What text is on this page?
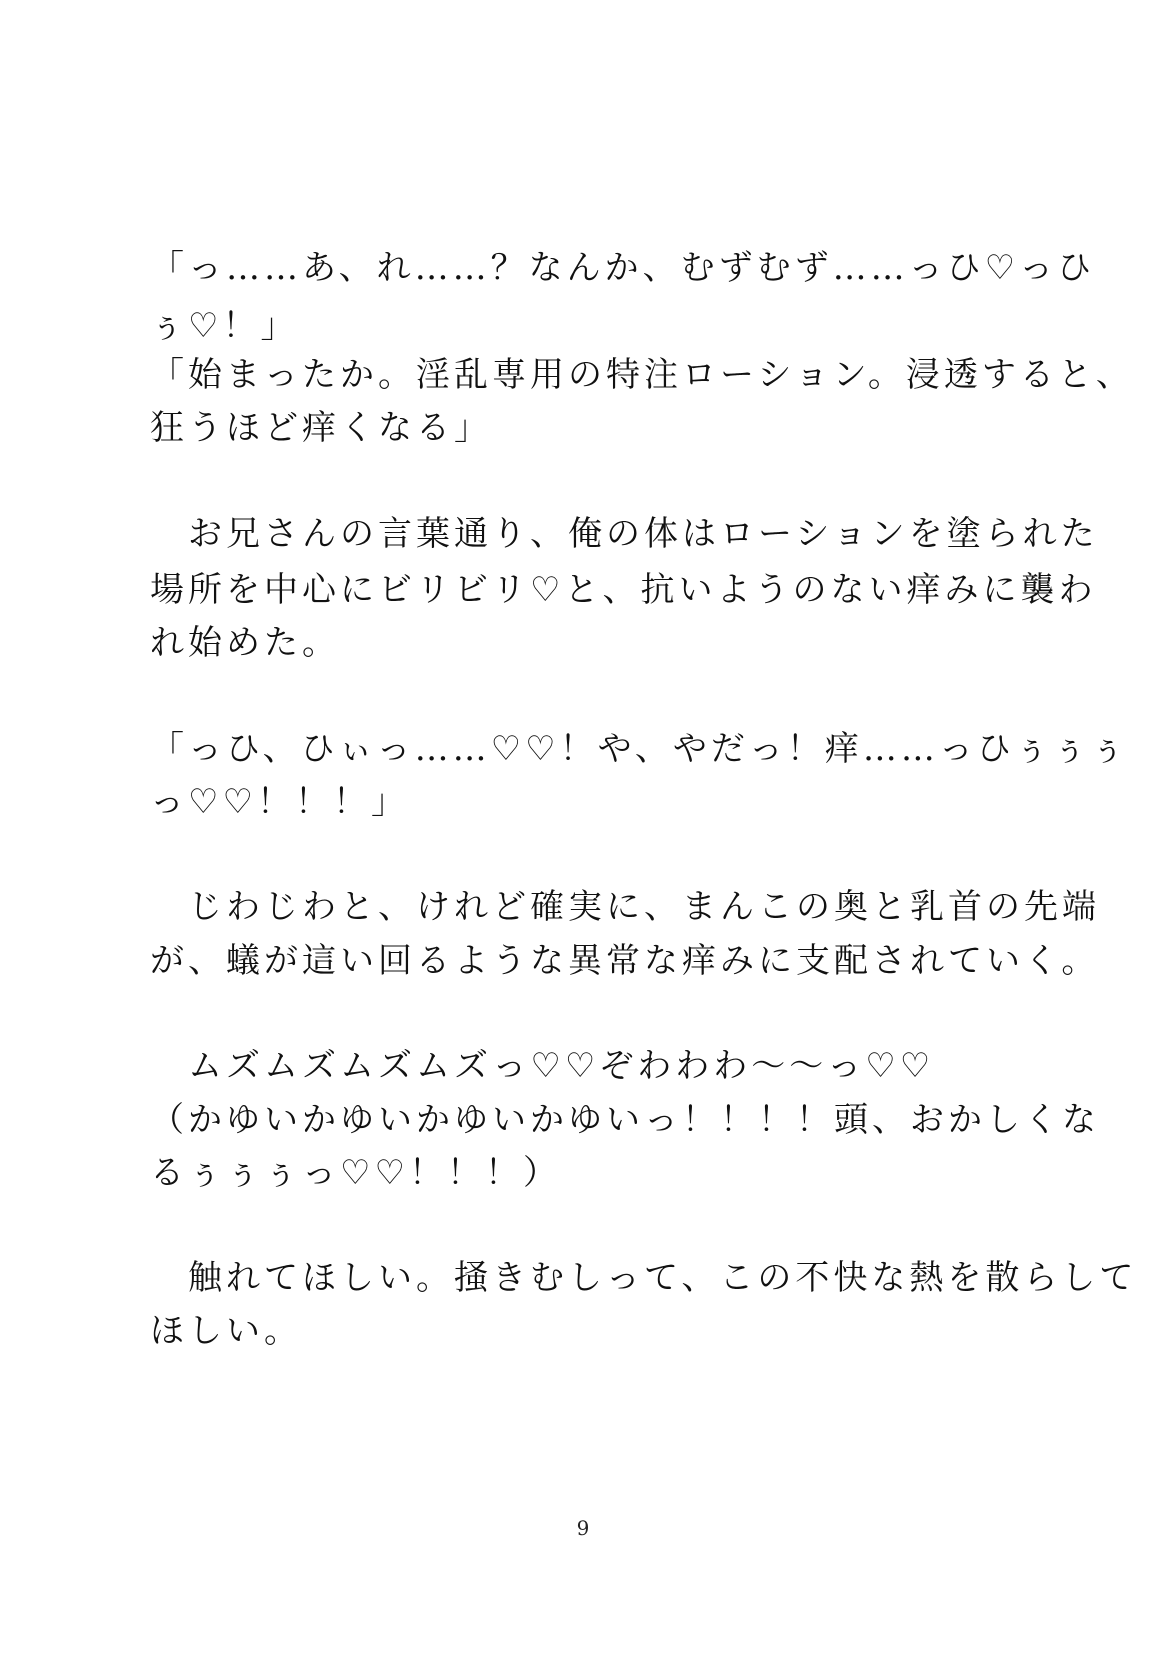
「っ……あ、れ……？なんか、むずむず……っひ♡っひ
ぅ♡！」
「始まったか。淫乱専用の特注ローション。浸透すると、
狂うほど痒くなる」
　お兄さんの言葉通り、俺の体はローションを塗られた
場所を中心にビリビリ♡と、抗いようのない痒みに襲わ
れ始めた。
「っひ、ひぃっ……♡♡！や、やだっ！痒……っひぅぅぅ
っ♡♡！！！」
　じわじわと、けれど確実に、まんこの奥と乳首の先端
が、蟻が這い回るような異常な痒みに支配されていく。
　ムズムズムズムズっ♡♡ぞわわわ〜〜っ♡♡
（かゆいかゆいかゆいかゆいっ！！！！頭、おかしくな
るぅぅぅっ♡♡！！！）
　触れてほしい。掻きむしって、この不快な熱を散らして
ほしい。
9
